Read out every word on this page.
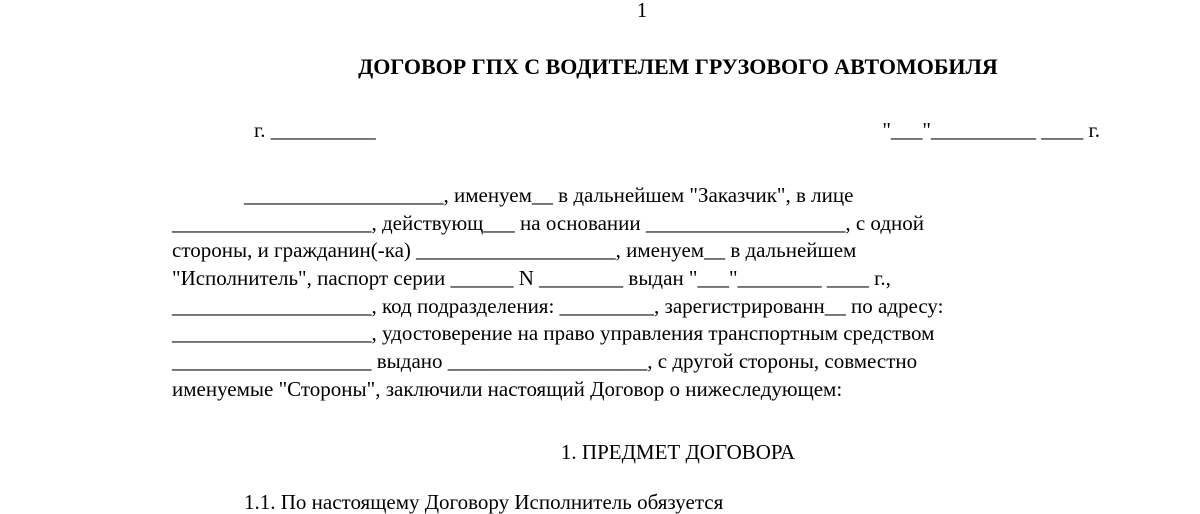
1
ДОГОВОР ГПХ С ВОДИТЕЛЕМ ГРУЗОВОГО АВТОМОБИЛЯ
г. __________	"___"__________ ____ г.
___________________, именуем__ в дальнейшем "Заказчик", в лице
___________________, действующ___ на основании ___________________, с одной
стороны, и гражданин(-ка) ___________________, именуем__ в дальнейшем
"Исполнитель", паспорт серии ______ N ________ выдан "___"________ ____ г.,
___________________, код подразделения: _________, зарегистрированн__ по адресу:
___________________, удостоверение на право управления транспортным средством
___________________ выдано ___________________, с другой стороны, совместно
именуемые "Стороны", заключили настоящий Договор о нижеследующем:
1. ПРЕДМЕТ ДОГОВОРА
1.1. По настоящему Договору Исполнитель обязуется
